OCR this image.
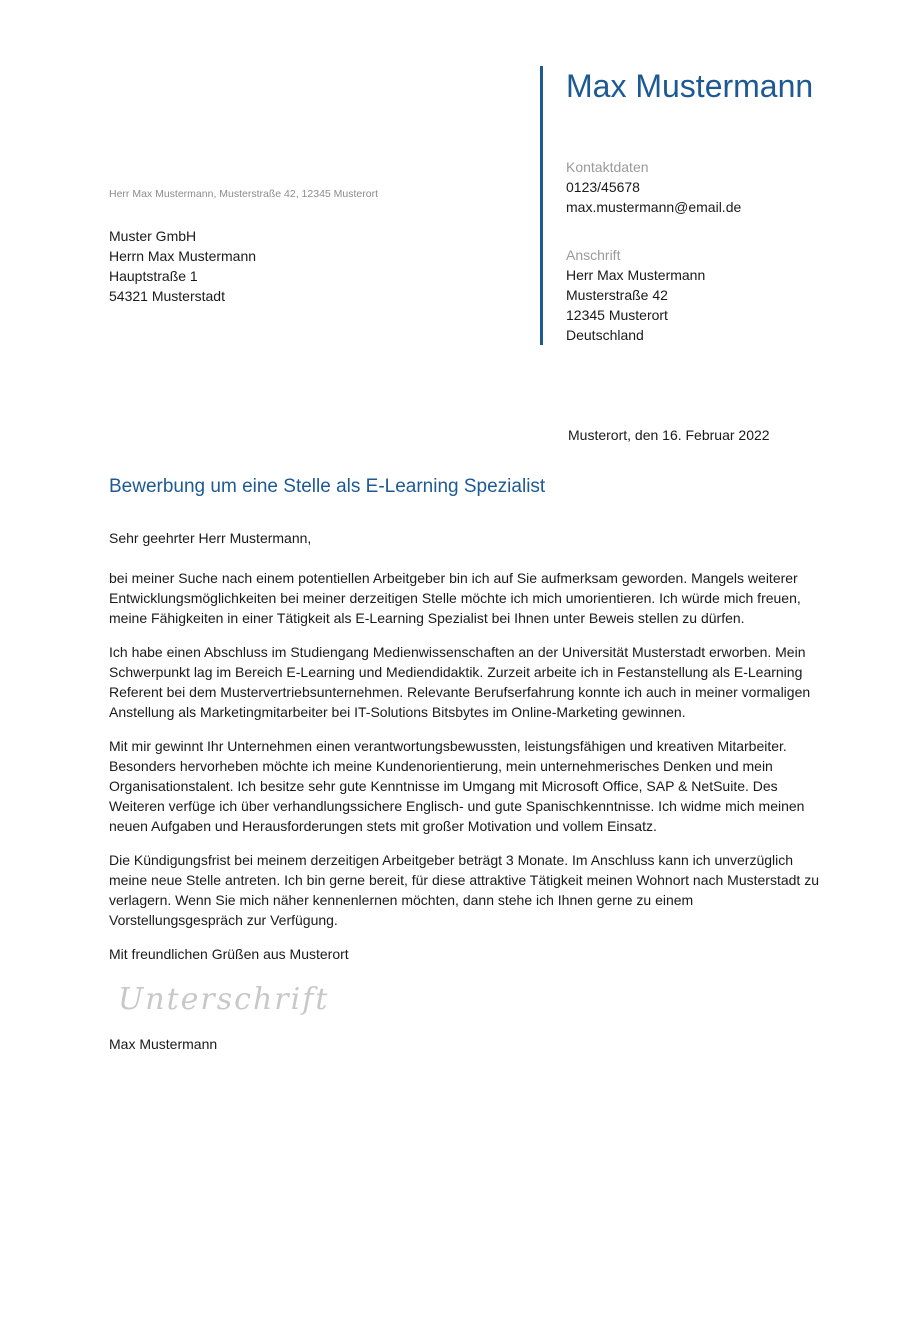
Max Mustermann
Kontaktdaten
0123/45678
max.mustermann@email.de
Anschrift
Herr Max Mustermann
Musterstraße 42
12345 Musterort
Deutschland
Herr Max Mustermann, Musterstraße 42, 12345 Musterort
Muster GmbH
Herrn Max Mustermann
Hauptstraße 1
54321 Musterstadt
Musterort, den 16. Februar 2022
Bewerbung um eine Stelle als E-Learning Spezialist

Sehr geehrter Herr Mustermann,

bei meiner Suche nach einem potentiellen Arbeitgeber bin ich auf Sie aufmerksam geworden. Mangels weiterer Entwicklungsmöglichkeiten bei meiner derzeitigen Stelle möchte ich mich umorientieren. Ich würde mich freuen, meine Fähigkeiten in einer Tätigkeit als E-Learning Spezialist bei Ihnen unter Beweis stellen zu dürfen.

Ich habe einen Abschluss im Studiengang Medienwissenschaften an der Universität Musterstadt erworben. Mein Schwerpunkt lag im Bereich E-Learning und Mediendidaktik. Zurzeit arbeite ich in Festanstellung als E-Learning Referent bei dem Mustervertriebsunternehmen. Relevante Berufserfahrung konnte ich auch in meiner vormaligen Anstellung als Marketingmitarbeiter bei IT-Solutions Bitsbytes im Online-Marketing gewinnen.

Mit mir gewinnt Ihr Unternehmen einen verantwortungsbewussten, leistungsfähigen und kreativen Mitarbeiter. Besonders hervorheben möchte ich meine Kundenorientierung, mein unternehmerisches Denken und mein Organisationstalent. Ich besitze sehr gute Kenntnisse im Umgang mit Microsoft Office, SAP & NetSuite. Des Weiteren verfüge ich über verhandlungssichere Englisch- und gute Spanischkenntnisse. Ich widme mich meinen neuen Aufgaben und Herausforderungen stets mit großer Motivation und vollem Einsatz.

Die Kündigungsfrist bei meinem derzeitigen Arbeitgeber beträgt 3 Monate. Im Anschluss kann ich unverzüglich meine neue Stelle antreten. Ich bin gerne bereit, für diese attraktive Tätigkeit meinen Wohnort nach Musterstadt zu verlagern. Wenn Sie mich näher kennenlernen möchten, dann stehe ich Ihnen gerne zu einem Vorstellungsgespräch zur Verfügung.

Mit freundlichen Grüßen aus Musterort

Unterschrift
Max Mustermann
